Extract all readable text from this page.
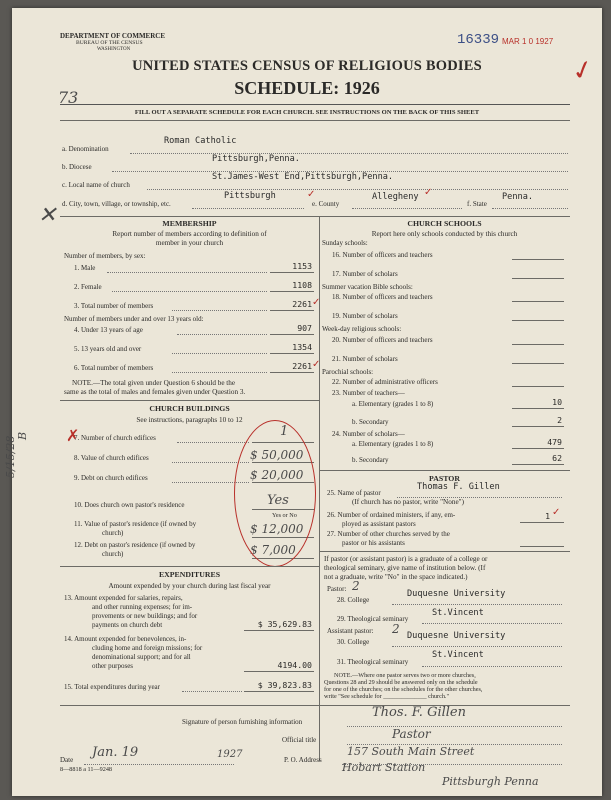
DEPARTMENT OF COMMERCE
BUREAU OF THE CENSUS
WASHINGTON
16339 MAR 1 0 1927
✓
73
UNITED STATES CENSUS OF RELIGIOUS BODIES
SCHEDULE: 1926
FILL OUT A SEPARATE SCHEDULE FOR EACH CHURCH. SEE INSTRUCTIONS ON THE BACK OF THIS SHEET
a. Denomination
Roman Catholic
b. Diocese
Pittsburgh,Penna.
c. Local name of church
St.James-West End,Pittsburgh,Penna.
d. City, town, village, or township, etc.
Pittsburgh
e. County
Allegheny
f. State
Penna.
✓	✓
✕	MEMBERSHIP
Report number of members according to definition of
member in your church
Number of members, by sex:
1. Male	1153
2. Female	1108
3. Total number of members	2261 ✓
Number of members under and over 13 years old:
4. Under 13 years of age	907
5. 13 years old and over	1354
6. Total number of members	2261 ✓
NOTE.—The total given under Question 6 should be the
same as the total of males and females given under Question 3.
CHURCH BUILDINGS
See instructions, paragraphs 10 to 12
7. Number of church edifices	1
8. Value of church edifices	$ 50,000
9. Debt on church edifices	$ 20,000
10. Does church own pastor's residence	Yes
Yes or No
11. Value of pastor's residence (if owned by
church)	$ 12,000
12. Debt on pastor's residence (if owned by
church)	$ 7,000
✗
EXPENDITURES
Amount expended by your church during last fiscal year
13. Amount expended for salaries, repairs,
and other running expenses; for im-
provements or new buildings; and for
payments on church debt	$ 35,629.83
14. Amount expended for benevolences, in-
cluding home and foreign missions; for
denominational support; and for all
other purposes	4194.00
15. Total expenditures during year	$ 39,823.83
CHURCH SCHOOLS
Report here only schools conducted by this church
Sunday schools:
16. Number of officers and teachers
17. Number of scholars
Summer vacation Bible schools:
18. Number of officers and teachers
19. Number of scholars
Week-day religious schools:
20. Number of officers and teachers
21. Number of scholars
Parochial schools:
22. Number of administrative officers
23. Number of teachers—
a. Elementary (grades 1 to 8)	10
b. Secondary	2
24. Number of scholars—
a. Elementary (grades 1 to 8)	479
b. Secondary	62
PASTOR
25. Name of pastor
Thomas F. Gillen
(If church has no pastor, write "None")
26. Number of ordained ministers, if any, em-
ployed as assistant pastors
1 ✓
27. Number of other churches served by the
pastor or his assistants
If pastor (or assistant pastor) is a graduate of a college or
theological seminary, give name of institution below. (If
not a graduate, write "No" in the space indicated.)
Pastor: 2
28. College
Duquesne University
29. Theological seminary
St.Vincent
Assistant pastor: 2
30. College
Duquesne University
31. Theological seminary
St.Vincent
NOTE.—Where one pastor serves two or more churches,
Questions 28 and 29 should be answered only on the schedule
for one of the churches; on the schedules for the other churches,
write "See schedule for ______________ church."
Signature of person furnishing information
Thos. F. Gillen
Official title	Pastor
Date Jan. 19	1927
8—8818 a 11—9248
P. O. Address
157 South Main Street
Hobart Station
Pittsburgh Penna
5/15/28 B
